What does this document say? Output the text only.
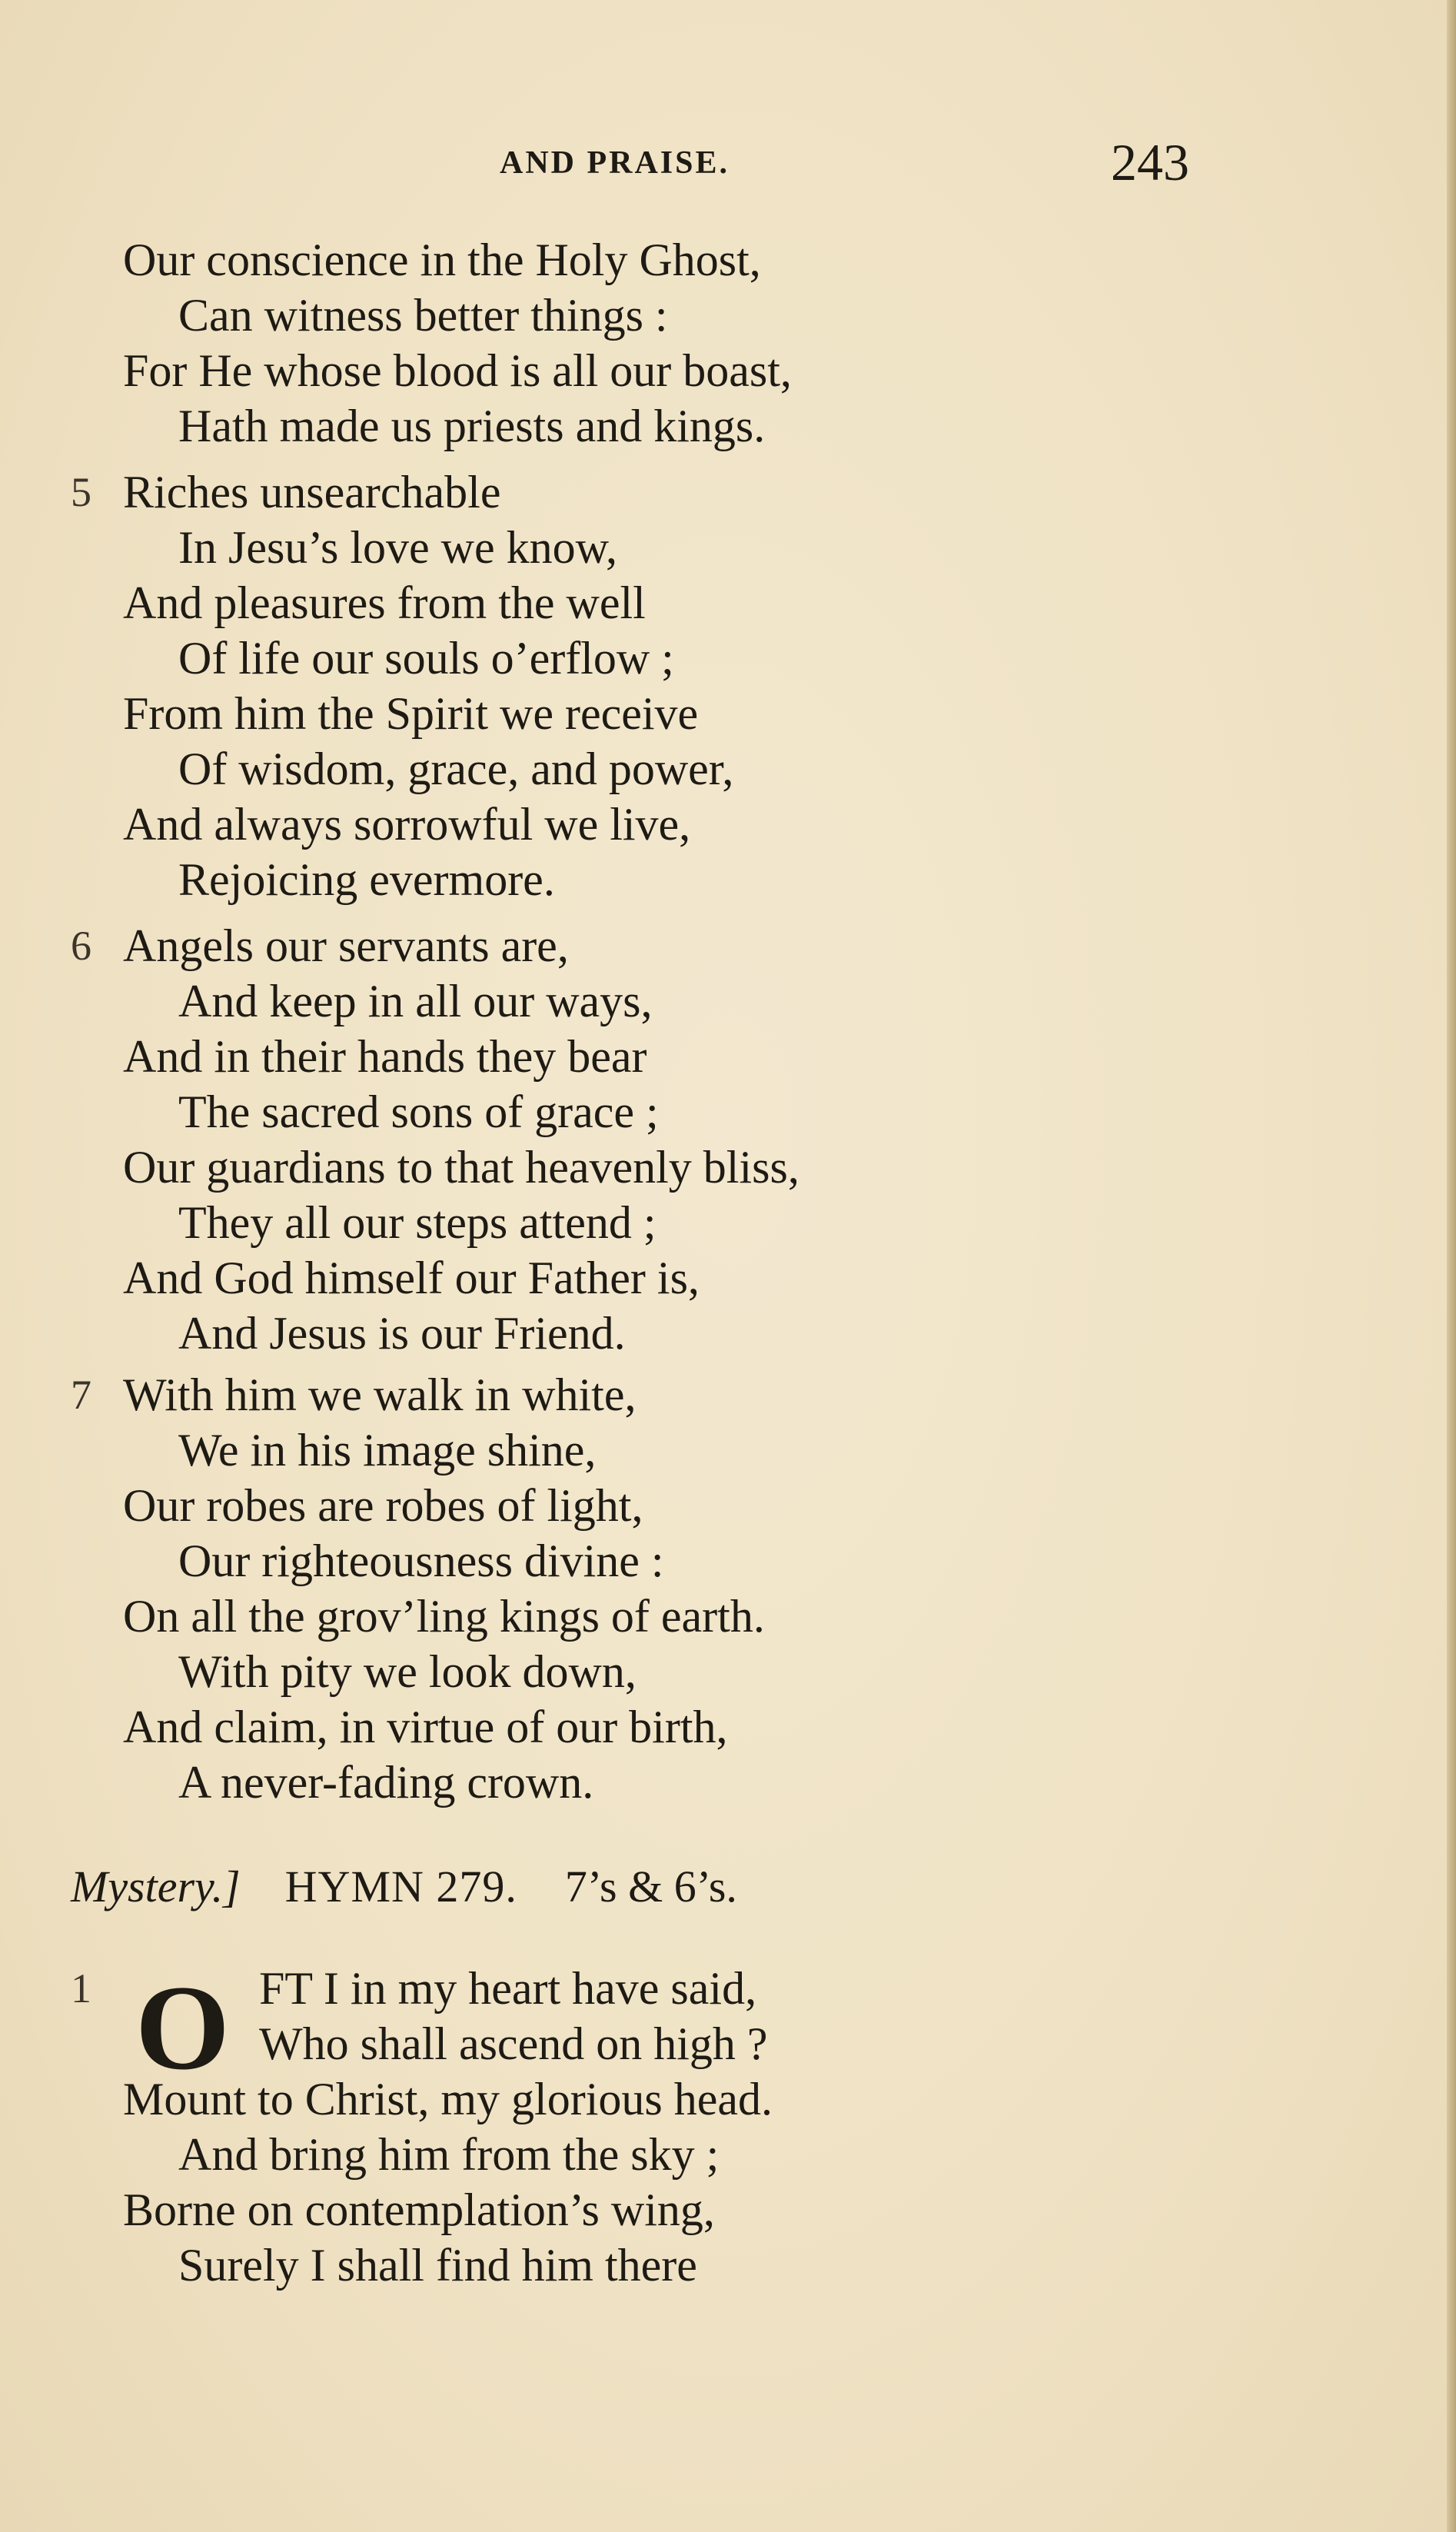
AND PRAISE.	243
Our conscience in the Holy Ghost,
Can witness better things :
For He whose blood is all our boast,
Hath made us priests and kings.
5 Riches unsearchable
In Jesu’s love we know,
And pleasures from the well
Of life our souls o’erflow ;
From him the Spirit we receive
Of wisdom, grace, and power,
And always sorrowful we live,
Rejoicing evermore.
6 Angels our servants are,
And keep in all our ways,
And in their hands they bear
The sacred sons of grace ;
Our guardians to that heavenly bliss,
They all our steps attend ;
And God himself our Father is,
And Jesus is our Friend.
7 With him we walk in white,
We in his image shine,
Our robes are robes of light,
Our righteousness divine :
On all the grov’ling kings of earth.
With pity we look down,
And claim, in virtue of our birth,
A never-fading crown.
Mystery.] HYMN 279. 7’s & 6’s.
1 O FT I in my heart have said,
Who shall ascend on high ?
Mount to Christ, my glorious head.
And bring him from the sky ;
Borne on contemplation’s wing,
Surely I shall find him there
